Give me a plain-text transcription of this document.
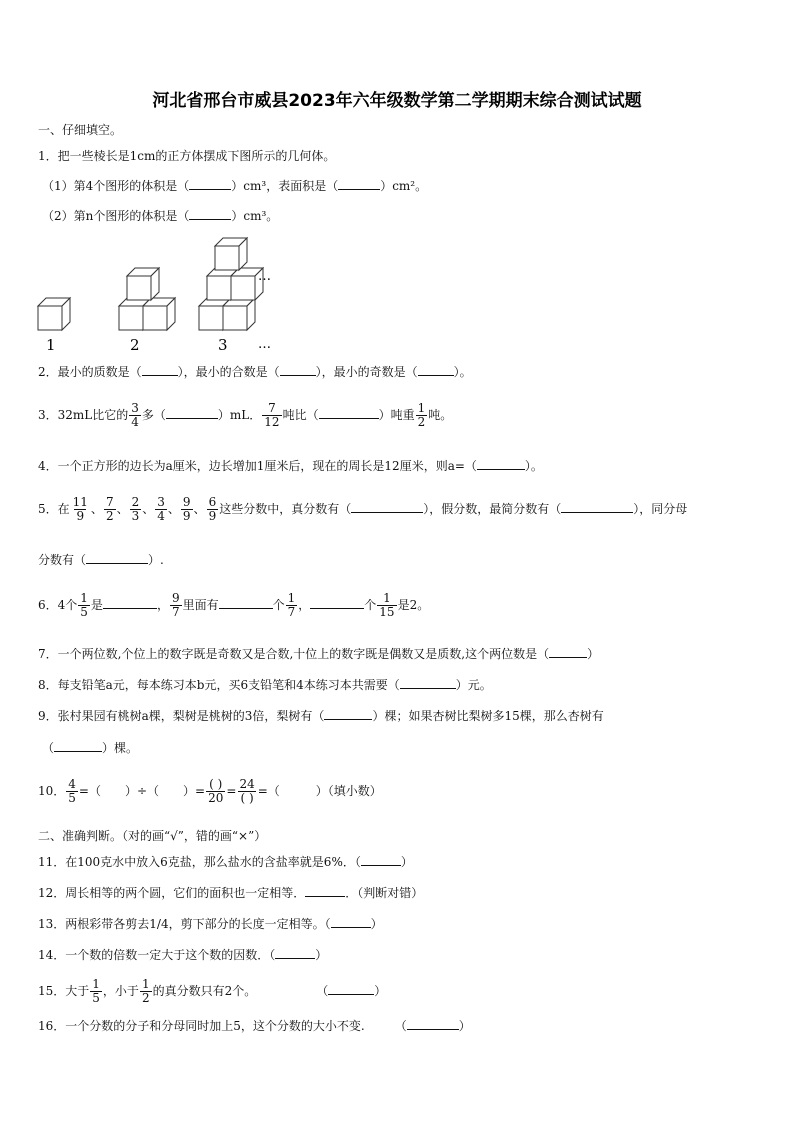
河北省邢台市威县2023年六年级数学第二学期期末综合测试试题
一、仔细填空。
1．把一些棱长是1cm的正方体摆成下图所示的几何体。
（1）第4个图形的体积是（	）cm³，表面积是（	）cm²。
（2）第n个图形的体积是（	）cm³。
1	2	3
…
…
2．最小的质数是（	），最小的合数是（	），最小的奇数是（	）。
3．32mL比它的 $\frac{3}{4}$ 多（	）mL． $\frac{7}{12}$ 吨比（	）吨重 $\frac{1}{2}$ 吨。
4．一个正方形的边长为a厘米，边长增加1厘米后，现在的周长是12厘米，则a=（	）。
5．在 $\frac{11}{9}$ 、 $\frac{7}{2}$ 、 $\frac{2}{3}$ 、 $\frac{3}{4}$ 、 $\frac{9}{9}$ 、 $\frac{6}{9}$ 这些分数中，真分数有（	），假分数，最简分数有（	），同分母
分数有（	）.
6．4个 $\frac{1}{5}$ 是	， $\frac{9}{7}$ 里面有	个 $\frac{1}{7}$ ，	个 $\frac{1}{15}$ 是2。
7．一个两位数,个位上的数字既是奇数又是合数,十位上的数字既是偶数又是质数,这个两位数是（	）
8．每支铅笔a元，每本练习本b元，买6支铅笔和4本练习本共需要（	）元。
9．张村果园有桃树a棵，梨树是桃树的3倍，梨树有（	）棵；如果杏树比梨树多15棵，那么杏树有
（	）棵。
10． $\frac{4}{5}$ =（　　）÷（　　）= $\frac{( )}{20} = \frac{24}{( )}$ =（　　　）（填小数）
二、准确判断。（对的画“√”，错的画“×”）
11．在100克水中放入6克盐，那么盐水的含盐率就是6%．（	）
12．周长相等的两个圆，它们的面积也一定相等．	．（判断对错）
13．两根彩带各剪去1/4，剪下部分的长度一定相等。（	）
14．一个数的倍数一定大于这个数的因数．（	）
15．大于 $\frac{1}{5}$ ，小于 $\frac{1}{2}$ 的真分数只有2个。	（	）
16．一个分数的分子和分母同时加上5，这个分数的大小不变.	（	）
